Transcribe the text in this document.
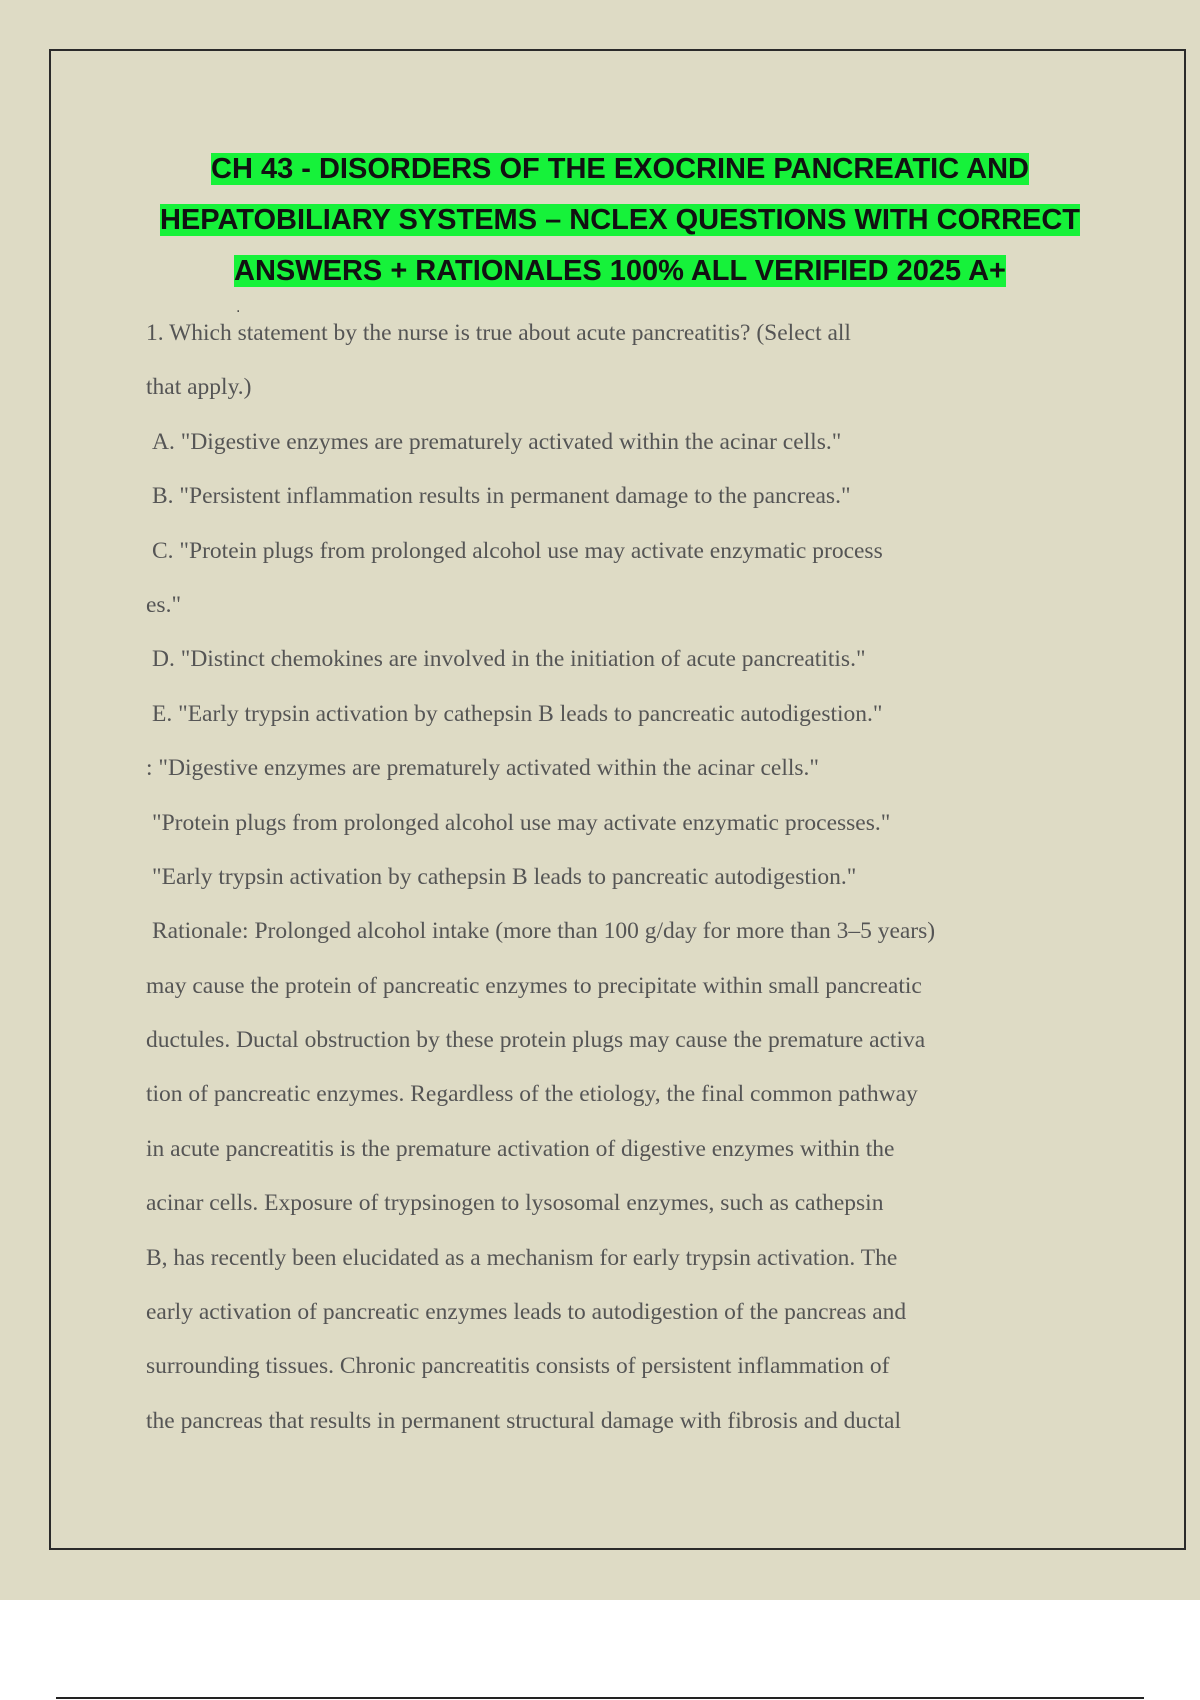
CH 43 - DISORDERS OF THE EXOCRINE PANCREATIC AND
HEPATOBILIARY SYSTEMS – NCLEX QUESTIONS WITH CORRECT
ANSWERS + RATIONALES 100% ALL VERIFIED 2025 A+
.
1. Which statement by the nurse is true about acute pancreatitis? (Select all
that apply.)
A. "Digestive enzymes are prematurely activated within the acinar cells."
B. "Persistent inflammation results in permanent damage to the pancreas."
C. "Protein plugs from prolonged alcohol use may activate enzymatic process
es."
D. "Distinct chemokines are involved in the initiation of acute pancreatitis."
E. "Early trypsin activation by cathepsin B leads to pancreatic autodigestion."
: "Digestive enzymes are prematurely activated within the acinar cells."
"Protein plugs from prolonged alcohol use may activate enzymatic processes."
"Early trypsin activation by cathepsin B leads to pancreatic autodigestion."
Rationale: Prolonged alcohol intake (more than 100 g/day for more than 3–5 years)
may cause the protein of pancreatic enzymes to precipitate within small pancreatic
ductules. Ductal obstruction by these protein plugs may cause the premature activa
tion of pancreatic enzymes. Regardless of the etiology, the final common pathway
in acute pancreatitis is the premature activation of digestive enzymes within the
acinar cells. Exposure of trypsinogen to lysosomal enzymes, such as cathepsin
B, has recently been elucidated as a mechanism for early trypsin activation. The
early activation of pancreatic enzymes leads to autodigestion of the pancreas and
surrounding tissues. Chronic pancreatitis consists of persistent inflammation of
the pancreas that results in permanent structural damage with fibrosis and ductal
